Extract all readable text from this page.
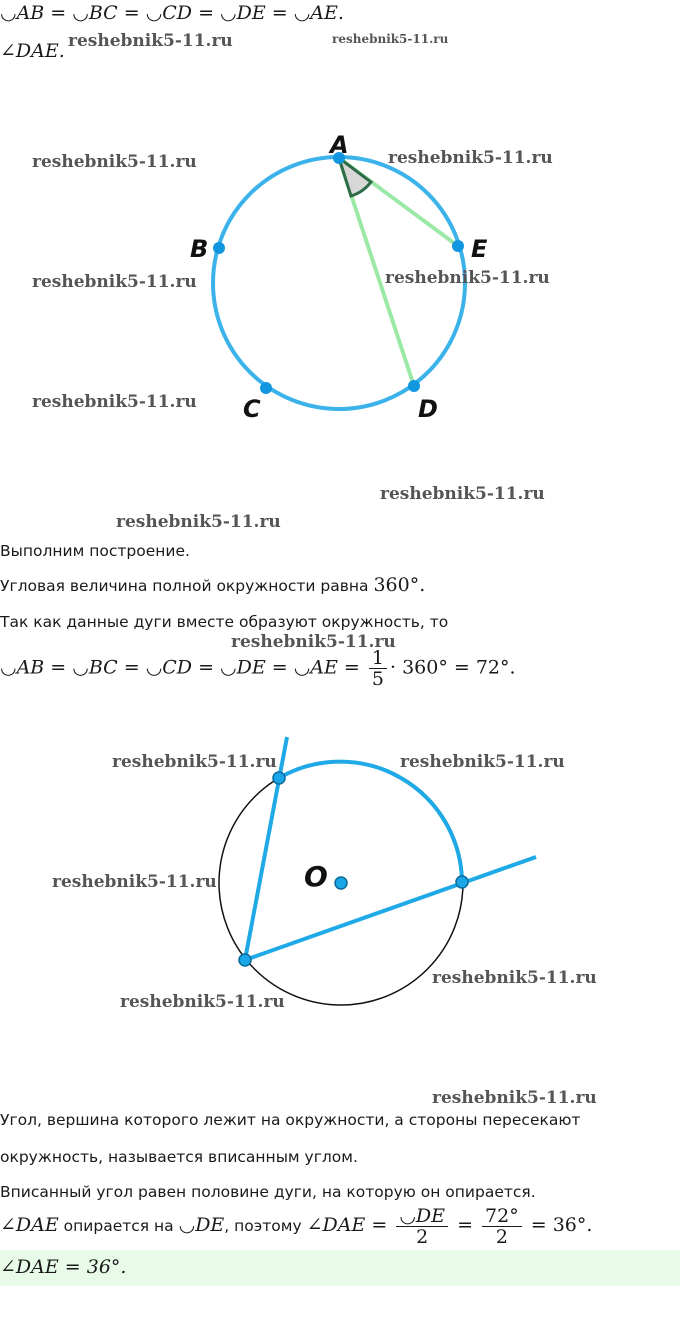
◡AB = ◡BC = ◡CD = ◡DE = ◡AE.
∠DAE.
A
B
C	D
E
Выполним построение.
Угловая величина полной окружности равна 360°.
Так как данные дуги вместе образуют окружность, то
◡AB = ◡BC = ◡CD = ◡DE = ◡AE = $\frac{1}{5} \cdot 360^\circ = 72^\circ$.
O
Угол, вершина которого лежит на окружности, а стороны пересекают
окружность, называется вписанным углом.
Вписанный угол равен половине дуги, на которую он опирается.
∠DAE опирается на ◡DE, поэтому ∠DAE = $\frac{◡DE}{2} = \frac{72^\circ}{2} = 36^\circ$.
∠DAE = 36°.
reshebnik5-11.ru	reshebnik5-11.ru
reshebnik5-11.ru	reshebnik5-11.ru
reshebnik5-11.ru	reshebnik5-11.ru
reshebnik5-11.ru
reshebnik5-11.ru
reshebnik5-11.ru
reshebnik5-11.ru
reshebnik5-11.ru	reshebnik5-11.ru
reshebnik5-11.ru
reshebnik5-11.ru
reshebnik5-11.ru
reshebnik5-11.ru
